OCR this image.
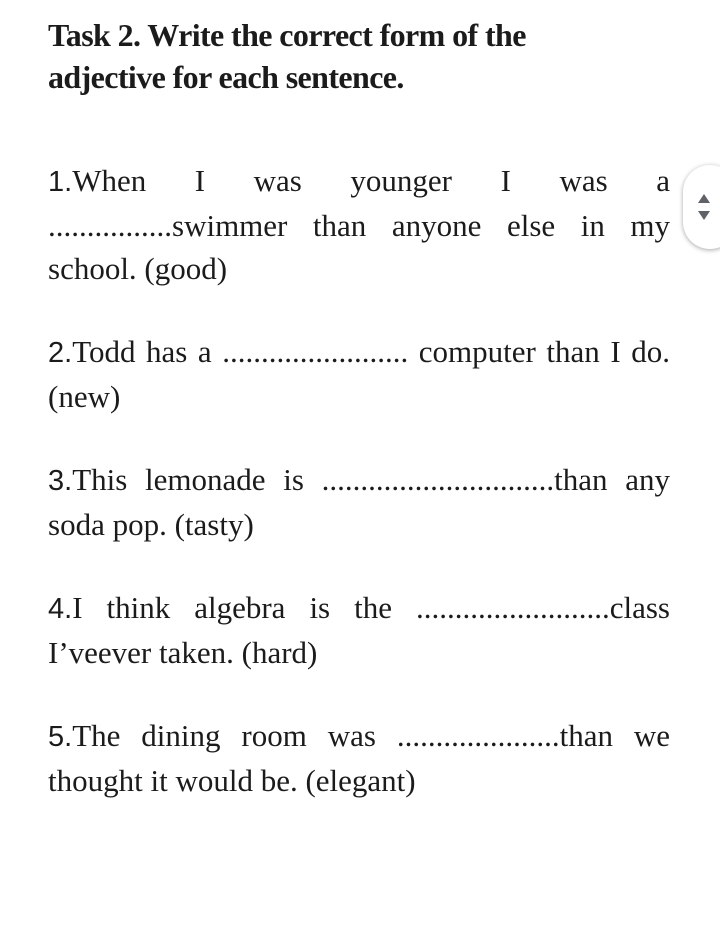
Task 2. Write the correct form of the
adjective for each sentence.
1.When I was younger I was a ................swimmer than anyone else in my school. (good)
2.Todd has a ........................ computer than I do. (new)
3.This lemonade is ..............................than any soda pop. (tasty)
4.I think algebra is the .........................class I’veever taken. (hard)
5.The dining room was .....................than we thought it would be. (elegant)
